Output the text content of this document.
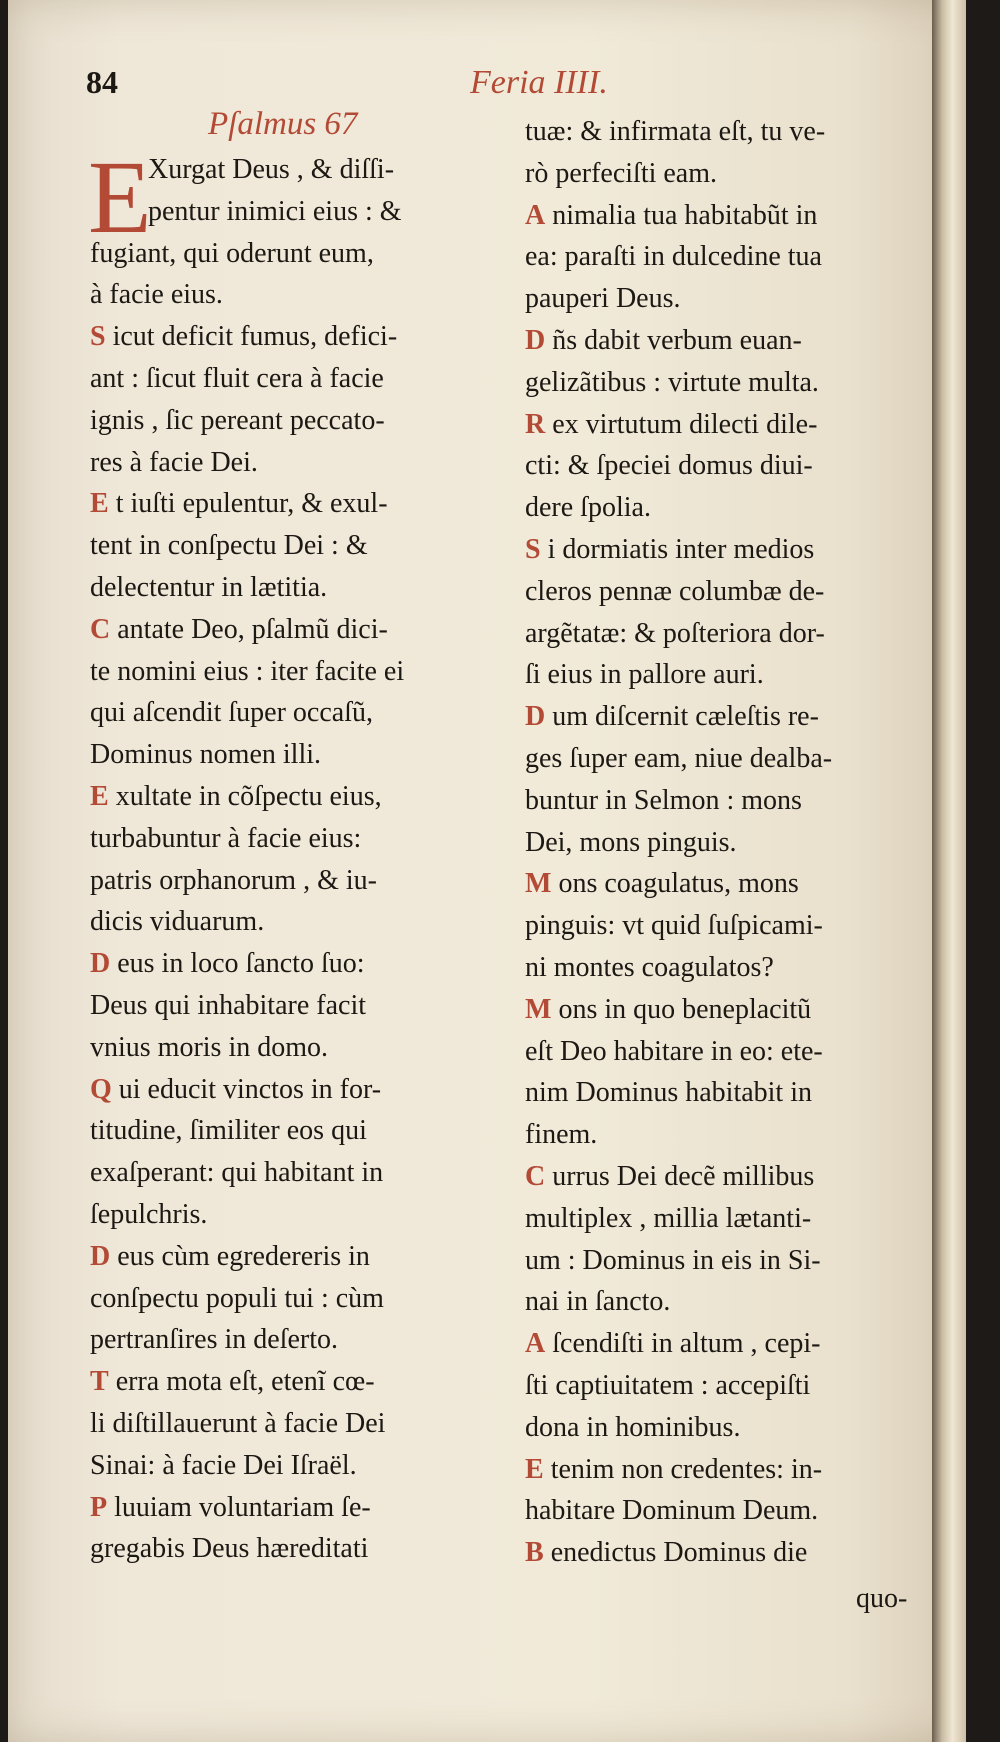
84	Feria IIII.
Pſalmus 67
E
Xurgat Deus , & diſſi-
pentur inimici eius : &
fugiant, qui oderunt eum,
à facie eius.
S icut deficit fumus, defici-
ant : ſicut fluit cera à facie
ignis , ſic pereant peccato-
res à facie Dei.
E t iuſti epulentur, & exul-
tent in conſpectu Dei : &
delectentur in lætitia.
C antate Deo, pſalmũ dici-
te nomini eius : iter facite ei
qui aſcendit ſuper occaſũ,
Dominus nomen illi.
E xultate in cõſpectu eius,
turbabuntur à facie eius:
patris orphanorum , & iu-
dicis viduarum.
D eus in loco ſancto ſuo:
Deus qui inhabitare facit
vnius moris in domo.
Q ui educit vinctos in for-
titudine, ſimiliter eos qui
exaſperant: qui habitant in
ſepulchris.
D eus cùm egredereris in
conſpectu populi tui : cùm
pertranſires in deſerto.
T erra mota eſt, etenĩ cœ-
li diſtillauerunt à facie Dei
Sinai: à facie Dei Iſraël.
P luuiam voluntariam ſe-
gregabis Deus hæreditati
tuæ: & infirmata eſt, tu ve-
rò perfeciſti eam.
A nimalia tua habitabũt in
ea: paraſti in dulcedine tua
pauperi Deus.
D ñs dabit verbum euan-
gelizãtibus : virtute multa.
R ex virtutum dilecti dile-
cti: & ſpeciei domus diui-
dere ſpolia.
S i dormiatis inter medios
cleros pennæ columbæ de-
argẽtatæ: & poſteriora dor-
ſi eius in pallore auri.
D um diſcernit cæleſtis re-
ges ſuper eam, niue dealba-
buntur in Selmon : mons
Dei, mons pinguis.
M ons coagulatus, mons
pinguis: vt quid ſuſpicami-
ni montes coagulatos?
M ons in quo beneplacitũ
eſt Deo habitare in eo: ete-
nim Dominus habitabit in
finem.
C urrus Dei decẽ millibus
multiplex , millia lætanti-
um : Dominus in eis in Si-
nai in ſancto.
A ſcendiſti in altum , cepi-
ſti captiuitatem : accepiſti
dona in hominibus.
E tenim non credentes: in-
habitare Dominum Deum.
B enedictus Dominus die
quo-
